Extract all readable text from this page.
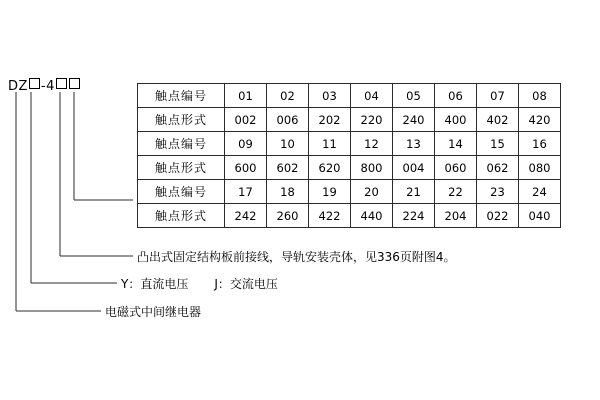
DZ -4
触点编号	01	02	03	04	05	06	07	08
触点形式	002	006	202	220	240	400	402	420
触点编号	09	10	11	12	13	14	15	16
触点形式	600	602	620	800	004	060	062	080
触点编号	17	18	19	20	21	22	23	24
触点形式	242	260	422	440	224	204	022	040
凸出式固定结构板前接线，导轨安装壳体，见336页附图4。
Y：直流电压 J：交流电压
电磁式中间继电器
